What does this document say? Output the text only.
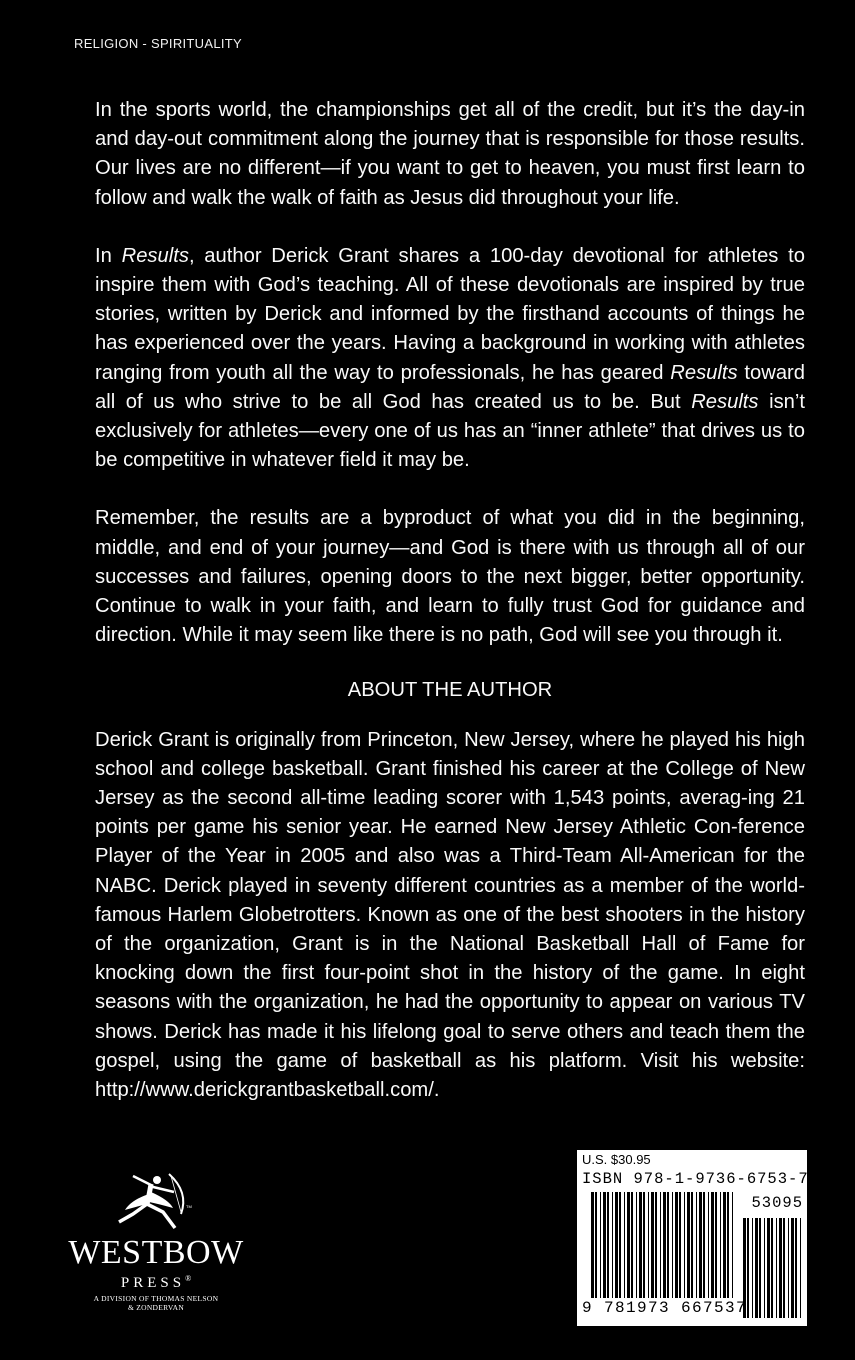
RELIGION - SPIRITUALITY

In the sports world, the championships get all of the credit, but it’s the day-in and day-out commitment along the journey that is responsible for those results. Our lives are no different—if you want to get to heaven, you must first learn to follow and walk the walk of faith as Jesus did throughout your life.

In Results, author Derick Grant shares a 100-day devotional for athletes to inspire them with God’s teaching. All of these devotionals are inspired by true stories, written by Derick and informed by the firsthand accounts of things he has experienced over the years. Having a background in working with athletes ranging from youth all the way to professionals, he has geared Results toward all of us who strive to be all God has created us to be. But Results isn’t exclusively for athletes—every one of us has an “inner athlete” that drives us to be competitive in whatever field it may be.

Remember, the results are a byproduct of what you did in the beginning, middle, and end of your journey—and God is there with us through all of our successes and failures, opening doors to the next bigger, better opportunity. Continue to walk in your faith, and learn to fully trust God for guidance and direction. While it may seem like there is no path, God will see you through it.

ABOUT THE AUTHOR

Derick Grant is originally from Princeton, New Jersey, where he played his high school and college basketball. Grant finished his career at the College of New Jersey as the second all-time leading scorer with 1,543 points, averag-ing 21 points per game his senior year. He earned New Jersey Athletic Con-ference Player of the Year in 2005 and also was a Third-Team All-American for the NABC. Derick played in seventy different countries as a member of the world-famous Harlem Globetrotters. Known as one of the best shooters in the history of the organization, Grant is in the National Basketball Hall of Fame for knocking down the first four-point shot in the history of the game. In eight seasons with the organization, he had the opportunity to appear on various TV shows. Derick has made it his lifelong goal to serve others and teach them the gospel, using the game of basketball as his platform. Visit his website: http://www.derickgrantbasketball.com/.

TM
WESTBOW
PRESS®
A DIVISION OF THOMAS NELSON
& ZONDERVAN
U.S. $30.95
ISBN 978-1-9736-6753-7
53095
9 781973 667537
